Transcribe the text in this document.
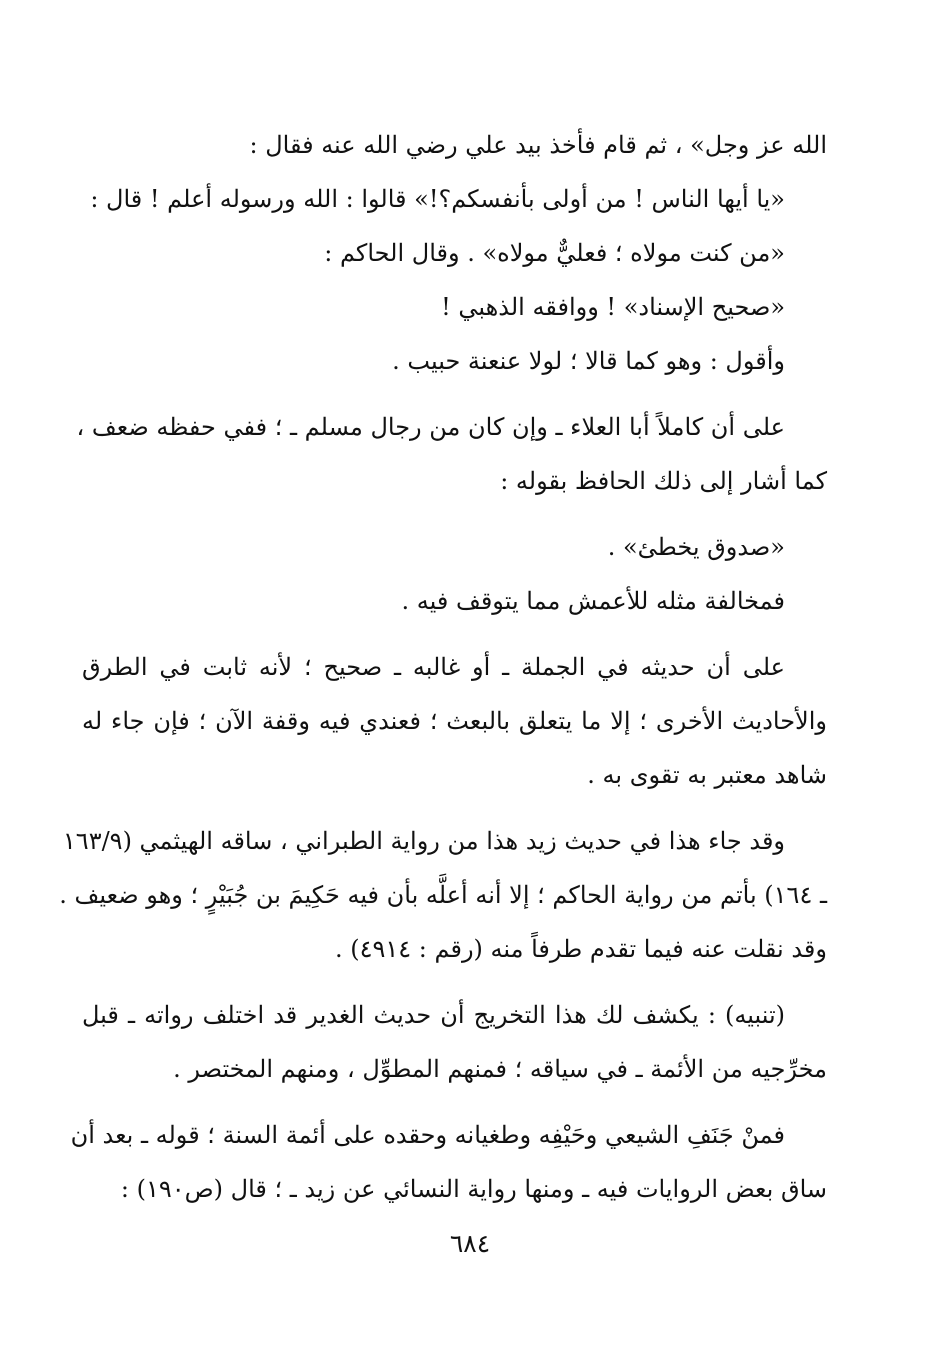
الله عز وجل» ، ثم قام فأخذ بيد علي رضي الله عنه فقال :
«يا أيها الناس ! من أولى بأنفسكم؟!» قالوا : الله ورسوله أعلم ! قال :
«من كنت مولاه ؛ فعليٌّ مولاه» . وقال الحاكم :
«صحيح الإسناد» ! ووافقه الذهبي !
وأقول : وهو كما قالا ؛ لولا عنعنة حبيب .
على أن كاملاً أبا العلاء ـ وإن كان من رجال مسلم ـ ؛ ففي حفظه ضعف ،
كما أشار إلى ذلك الحافظ بقوله :
«صدوق يخطئ» .
فمخالفة مثله للأعمش مما يتوقف فيه .
على أن حديثه في الجملة ـ أو غالبه ـ صحيح ؛ لأنه ثابت في الطرق
والأحاديث الأخرى ؛ إلا ما يتعلق بالبعث ؛ فعندي فيه وقفة الآن ؛ فإن جاء له
شاهد معتبر به تقوى به .
وقد جاء هذا في حديث زيد هذا من رواية الطبراني ، ساقه الهيثمي (١٦٣/٩
ـ ١٦٤) بأتم من رواية الحاكم ؛ إلا أنه أعلَّه بأن فيه حَكِيمَ بن جُبَيْرٍ ؛ وهو ضعيف .
وقد نقلت عنه فيما تقدم طرفاً منه (رقم : ٤٩١٤) .
(تنبيه) : يكشف لك هذا التخريج أن حديث الغدير قد اختلف رواته ـ قبل
مخرِّجيه من الأئمة ـ في سياقه ؛ فمنهم المطوِّل ، ومنهم المختصر .
فمنْ جَنَفِ الشيعي وحَيْفِه وطغيانه وحقده على أئمة السنة ؛ قوله ـ بعد أن
ساق بعض الروايات فيه ـ ومنها رواية النسائي عن زيد ـ ؛ قال (ص١٩٠) :
٦٨٤
